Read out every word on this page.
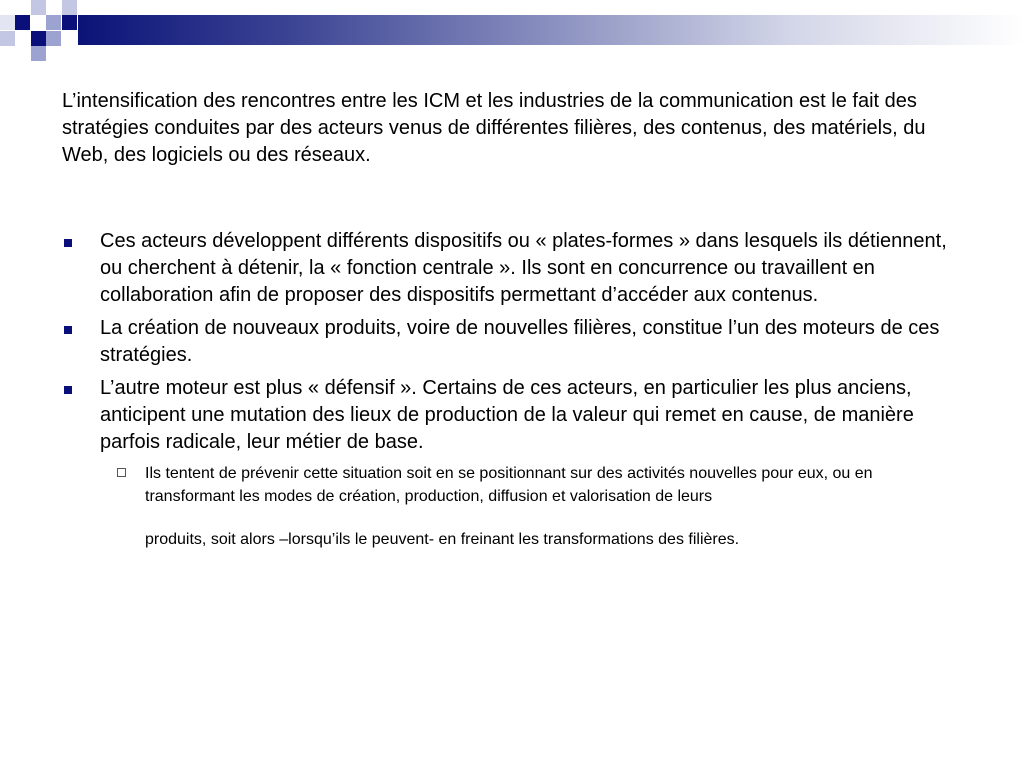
L’intensification des rencontres entre les ICM et les industries de la communication est le fait des stratégies conduites par des acteurs venus de différentes filières, des contenus, des matériels, du Web, des logiciels ou des réseaux.

Ces acteurs développent différents dispositifs ou « plates-formes » dans lesquels ils détiennent, ou cherchent à détenir, la « fonction centrale ». Ils sont en concurrence ou travaillent en collaboration afin de proposer des dispositifs permettant d’accéder aux contenus.
La création de nouveaux produits, voire de nouvelles filières, constitue l’un des moteurs de ces stratégies.
L’autre moteur est plus « défensif ». Certains de ces acteurs, en particulier les plus anciens, anticipent une mutation des lieux de production de la valeur qui remet en cause, de manière parfois radicale, leur métier de base.
Ils tentent de prévenir cette situation soit en se positionnant sur des activités nouvelles pour eux, ou en transformant les modes de création, production, diffusion et valorisation de leurs
produits, soit alors –lorsqu’ils le peuvent- en freinant les transformations des filières.
